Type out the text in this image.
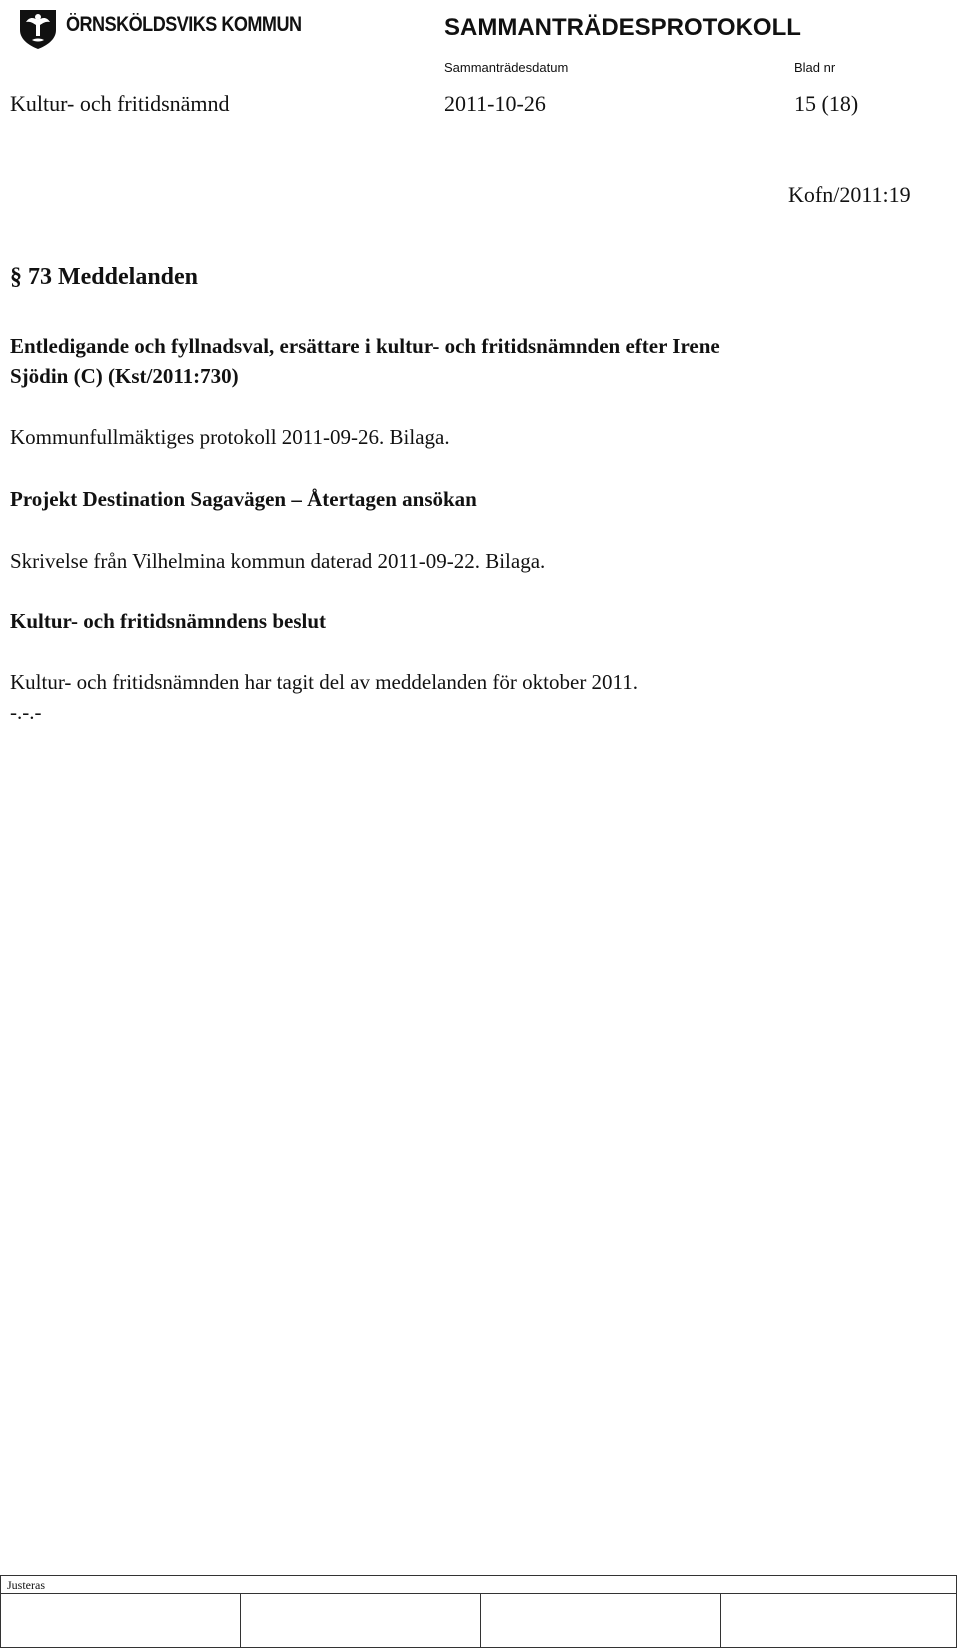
ÖRNSKÖLDSVIKS KOMMUN	SAMMANTRÄDESPROTOKOLL
Sammanträdesdatum	Blad nr
Kultur- och fritidsnämnd	2011-10-26	15 (18)
Kofn/2011:19
§ 73 Meddelanden
Entledigande och fyllnadsval, ersättare i kultur- och fritidsnämnden efter Irene
Sjödin (C) (Kst/2011:730)
Kommunfullmäktiges protokoll 2011-09-26. Bilaga.
Projekt Destination Sagavägen – Återtagen ansökan
Skrivelse från Vilhelmina kommun daterad 2011-09-22. Bilaga.
Kultur- och fritidsnämndens beslut
Kultur- och fritidsnämnden har tagit del av meddelanden för oktober 2011.
-.-.-
Justeras
